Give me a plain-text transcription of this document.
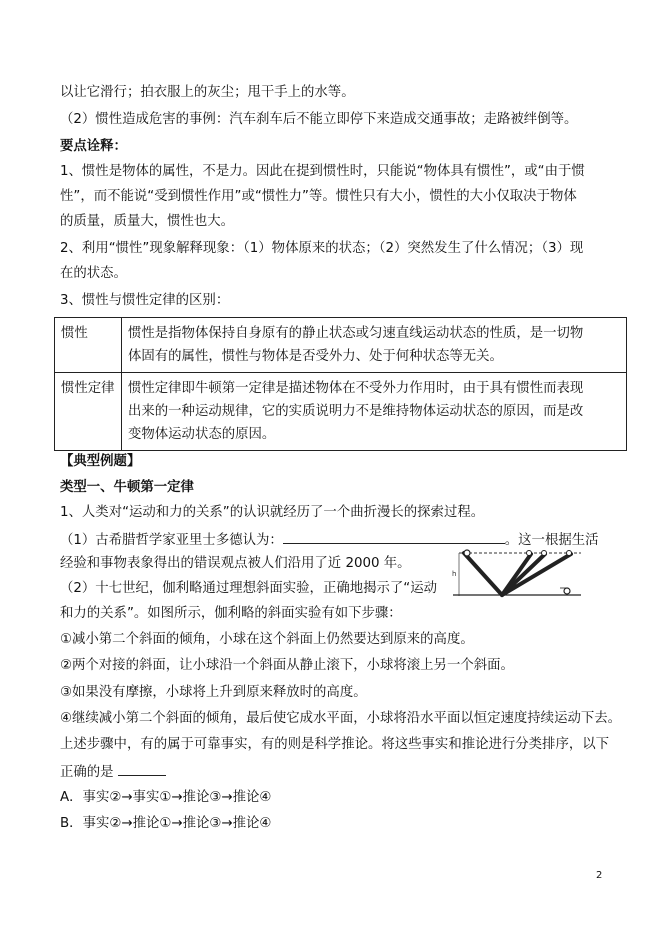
以让它滑行；拍衣服上的灰尘；甩干手上的水等。
（2）惯性造成危害的事例：汽车刹车后不能立即停下来造成交通事故；走路被绊倒等。
要点诠释：
1、惯性是物体的属性，不是力。因此在提到惯性时，只能说“物体具有惯性”，或“由于惯
性”，而不能说“受到惯性作用”或“惯性力”等。惯性只有大小，惯性的大小仅取决于物体
的质量，质量大，惯性也大。
2、利用“惯性”现象解释现象：（1）物体原来的状态；（2）突然发生了什么情况；（3）现
在的状态。
3、惯性与惯性定律的区别：
惯性	惯性是指物体保持自身原有的静止状态或匀速直线运动状态的性质，是一切物
体固有的属性，惯性与物体是否受外力、处于何种状态等无关。

惯性定律	惯性定律即牛顿第一定律是描述物体在不受外力作用时，由于具有惯性而表现
出来的一种运动规律，它的实质说明力不是维持物体运动状态的原因，而是改
变物体运动状态的原因。
【典型例题】
类型一、牛顿第一定律
1、人类对“运动和力的关系”的认识就经历了一个曲折漫长的探索过程。
（1）古希腊哲学家亚里士多德认为：	。这一根据生活
经验和事物表象得出的错误观点被人们沿用了近 2000 年。
（2）十七世纪，伽利略通过理想斜面实验，正确地揭示了“运动
和力的关系”。如图所示，伽利略的斜面实验有如下步骤：
h
①减小第二个斜面的倾角，小球在这个斜面上仍然要达到原来的高度。
②两个对接的斜面，让小球沿一个斜面从静止滚下，小球将滚上另一个斜面。
③如果没有摩擦，小球将上升到原来释放时的高度。
④继续减小第二个斜面的倾角，最后使它成水平面，小球将沿水平面以恒定速度持续运动下去。
上述步骤中，有的属于可靠事实，有的则是科学推论。将这些事实和推论进行分类排序，以下
正确的是
A．事实②→事实①→推论③→推论④
B．事实②→推论①→推论③→推论④
2
